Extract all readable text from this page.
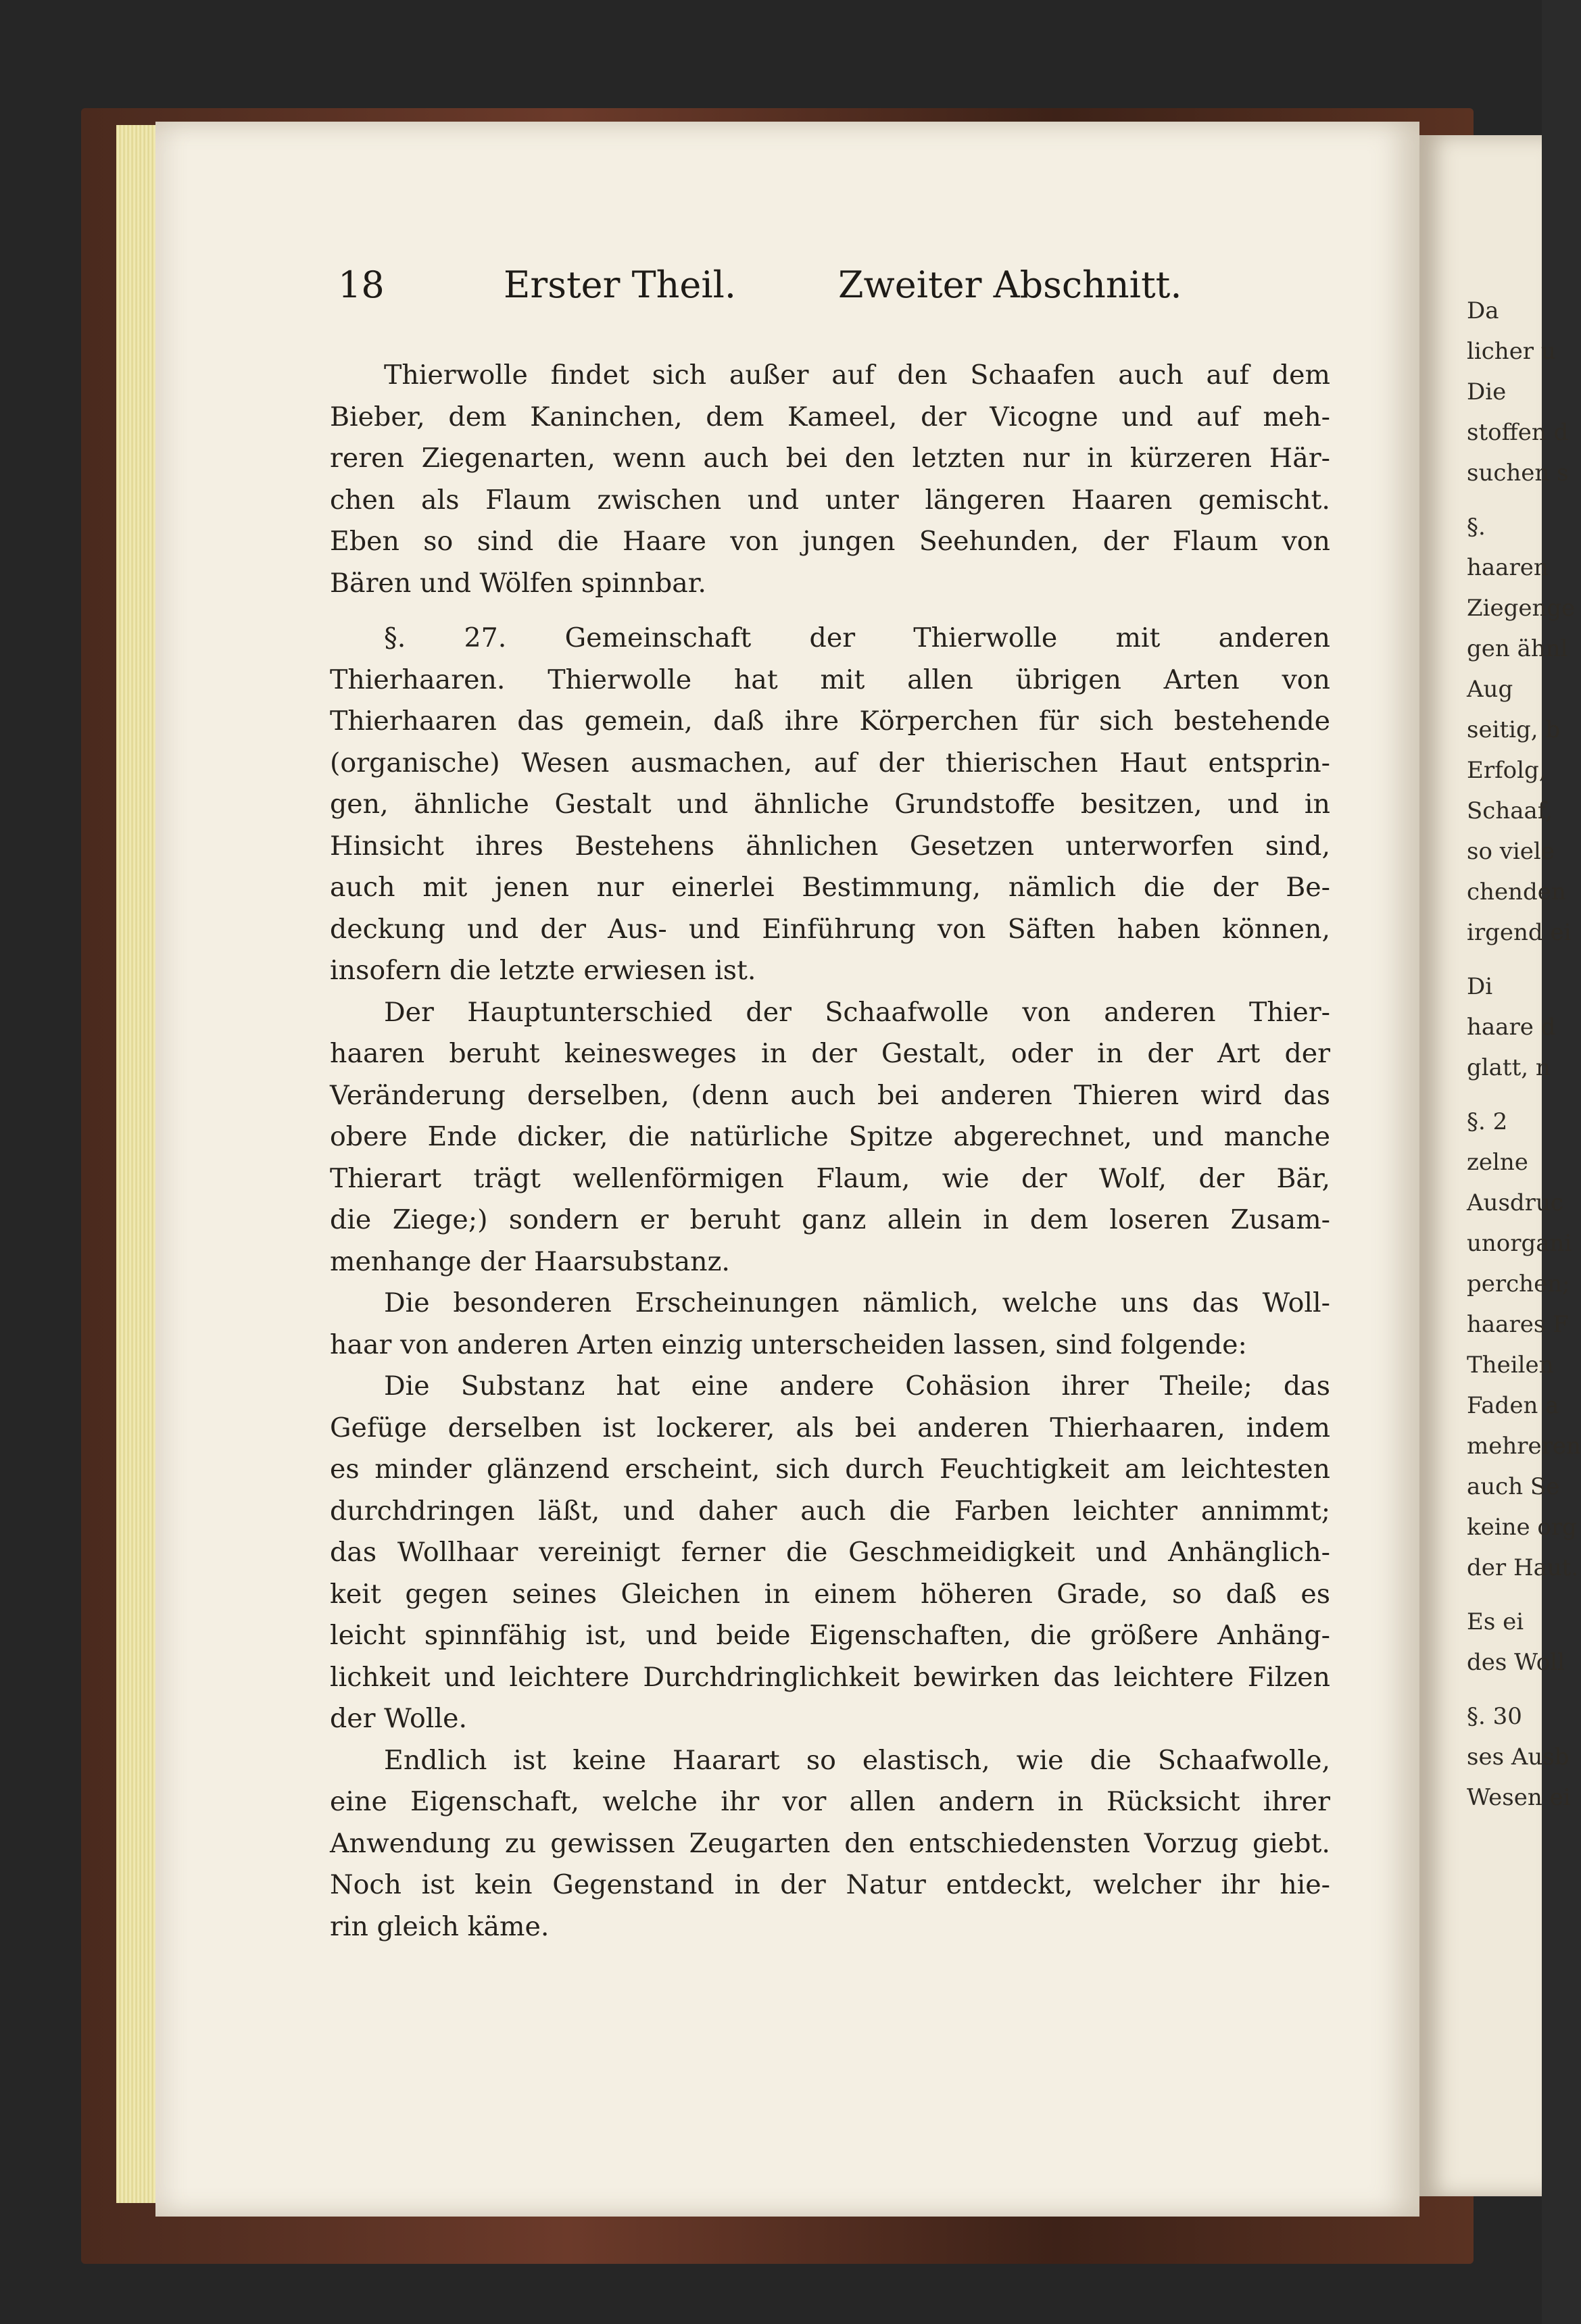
18	Erster Theil.	Zweiter Abschnitt.
Thierwolle findet sich außer auf den Schaafen auch auf dem
Bieber, dem Kaninchen, dem Kameel, der Vicogne und auf meh-
reren Ziegenarten, wenn auch bei den letzten nur in kürzeren Här-
chen als Flaum zwischen und unter längeren Haaren gemischt.
Eben so sind die Haare von jungen Seehunden, der Flaum von
Bären und Wölfen spinnbar.
§. 27. Gemeinschaft der Thierwolle mit anderen
Thierhaaren. Thierwolle hat mit allen übrigen Arten von
Thierhaaren das gemein, daß ihre Körperchen für sich bestehende
(organische) Wesen ausmachen, auf der thierischen Haut entsprin-
gen, ähnliche Gestalt und ähnliche Grundstoffe besitzen, und in
Hinsicht ihres Bestehens ähnlichen Gesetzen unterworfen sind,
auch mit jenen nur einerlei Bestimmung, nämlich die der Be-
deckung und der Aus- und Einführung von Säften haben können,
insofern die letzte erwiesen ist.
Der Hauptunterschied der Schaafwolle von anderen Thier-
haaren beruht keinesweges in der Gestalt, oder in der Art der
Veränderung derselben, (denn auch bei anderen Thieren wird das
obere Ende dicker, die natürliche Spitze abgerechnet, und manche
Thierart trägt wellenförmigen Flaum, wie der Wolf, der Bär,
die Ziege;) sondern er beruht ganz allein in dem loseren Zusam-
menhange der Haarsubstanz.
Die besonderen Erscheinungen nämlich, welche uns das Woll-
haar von anderen Arten einzig unterscheiden lassen, sind folgende:
Die Substanz hat eine andere Cohäsion ihrer Theile; das
Gefüge derselben ist lockerer, als bei anderen Thierhaaren, indem
es minder glänzend erscheint, sich durch Feuchtigkeit am leichtesten
durchdringen läßt, und daher auch die Farben leichter annimmt;
das Wollhaar vereinigt ferner die Geschmeidigkeit und Anhänglich-
keit gegen seines Gleichen in einem höheren Grade, so daß es
leicht spinnfähig ist, und beide Eigenschaften, die größere Anhäng-
lichkeit und leichtere Durchdringlichkeit bewirken das leichtere Filzen
der Wolle.
Endlich ist keine Haarart so elastisch, wie die Schaafwolle,
eine Eigenschaft, welche ihr vor allen andern in Rücksicht ihrer
Anwendung zu gewissen Zeugarten den entschiedensten Vorzug giebt.
Noch ist kein Gegenstand in der Natur entdeckt, welcher ihr hie-
rin gleich käme.
Da
licher u
Die
stoffen d
suchen s
§.
haaren
Ziegenge
gen ähnl
Aug
seitig, b
Erfolg,
Schaaf,
so viele
chenden
irgend ei
Di
haare d
glatt, n
§. 2
zelne
Ausdruc
unorgani
perchen;
haares F
Theilen
Faden a
mehreren
auch Se
keine org
der Haut.
Es ei
des Woll
§. 30
ses Ausb
Wesen ei
